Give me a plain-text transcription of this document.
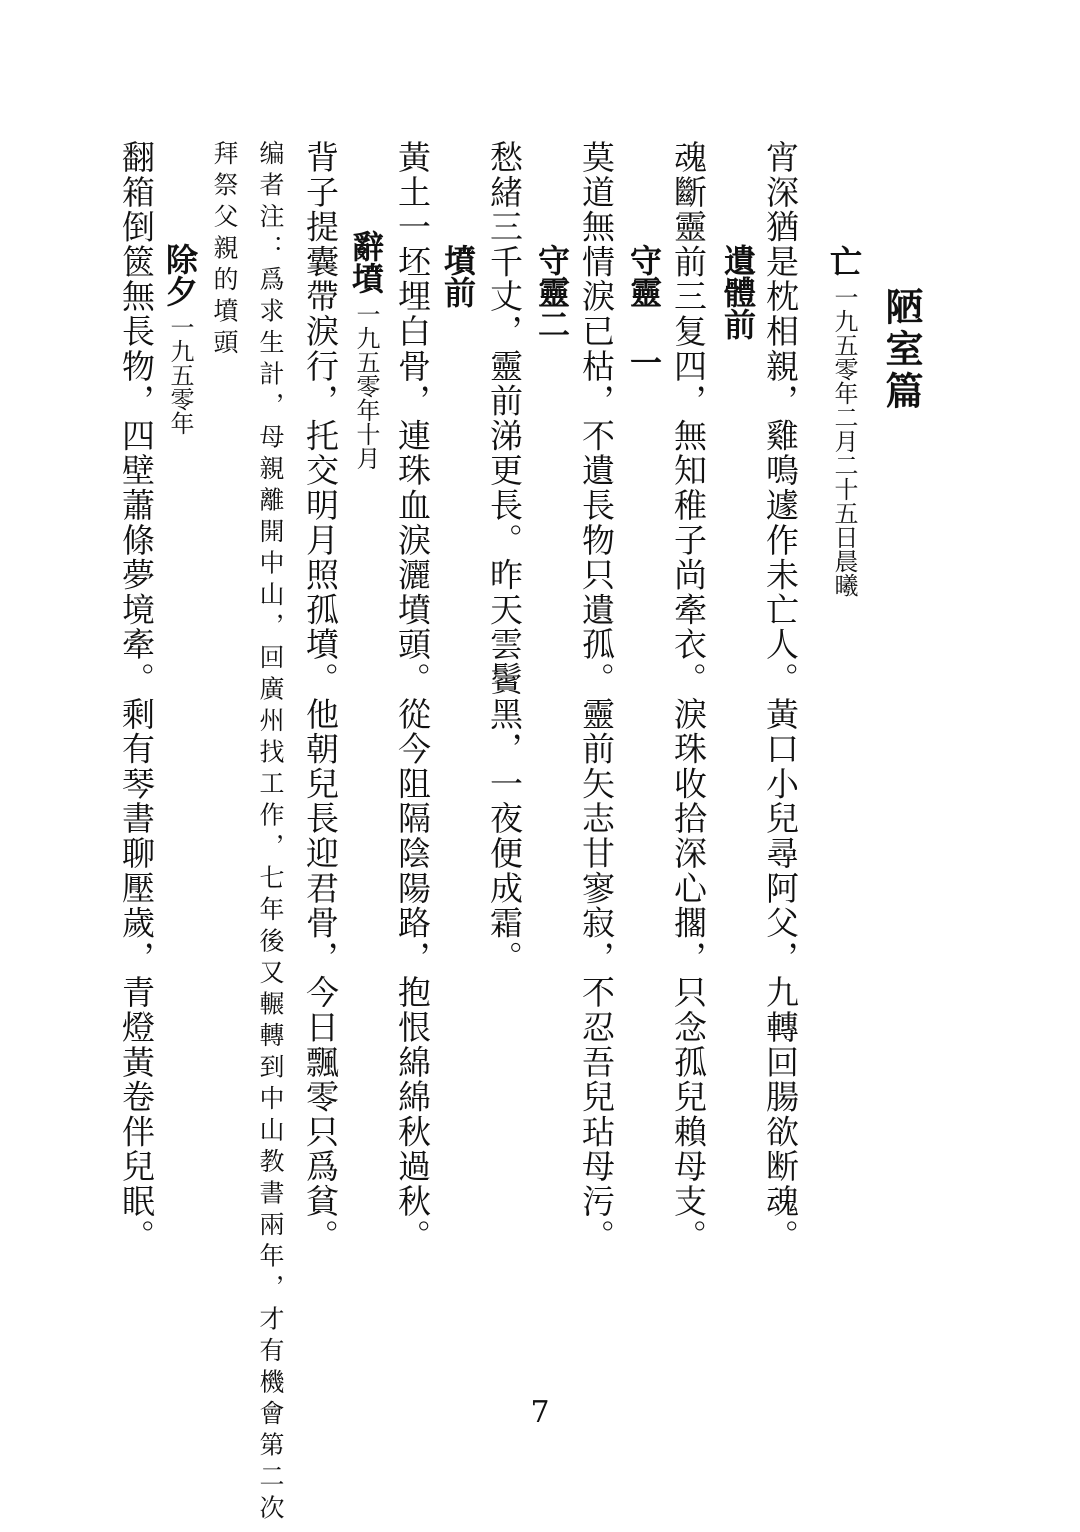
陋室篇
亡一九五零年二月二十五日晨曦
宵深猶是枕相親，雞鳴遽作未亡人。黃口小兒尋阿父，九轉回腸欲断魂。
遺體前
魂斷靈前三复四，無知稚子尚牽衣。淚珠收拾深心擱，只念孤兒賴母支。
守靈 一
莫道無情淚已枯，不遺長物只遺孤。靈前矢志甘寥寂，不忍吾兒玷母污。
守靈二
愁緒三千丈，靈前涕更長。昨天雲鬢黑，一夜便成霜。
墳前
黃土一坯埋白骨，連珠血淚灑墳頭。從今阻隔陰陽路，抱恨綿綿秋過秋。
辭墳一九五零年十月
背子提囊帶淚行，托交明月照孤墳。他朝兒長迎君骨，今日飄零只爲貧。
编者注：爲求生計，母親離開中山，回廣州找工作，七年後又輾轉到中山教書兩年，才有機會第二次
拜祭父親的墳頭
除夕一九五零年
翻箱倒篋無長物，四壁蕭條夢境牽。剩有琴書聊壓歲，青燈黃卷伴兒眠。
7
